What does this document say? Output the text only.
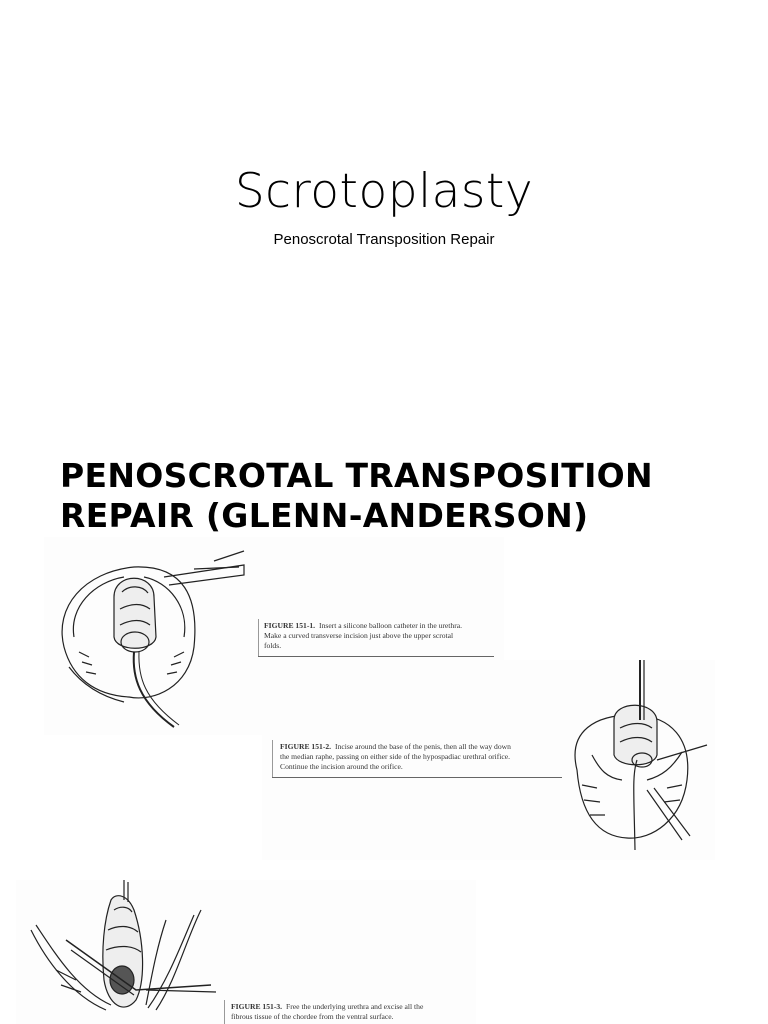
Scrotoplasty
Penoscrotal Transposition Repair
PENOSCROTAL TRANSPOSITION
REPAIR (GLENN-ANDERSON)
FIGURE 151-1. Insert a silicone balloon catheter in the urethra.
Make a curved transverse incision just above the upper scrotal
folds.
FIGURE 151-2. Incise around the base of the penis, then all the way down
the median raphe, passing on either side of the hypospadiac urethral orifice.
Continue the incision around the orifice.
FIGURE 151-3. Free the underlying urethra and excise all the
fibrous tissue of the chordee from the ventral surface.
